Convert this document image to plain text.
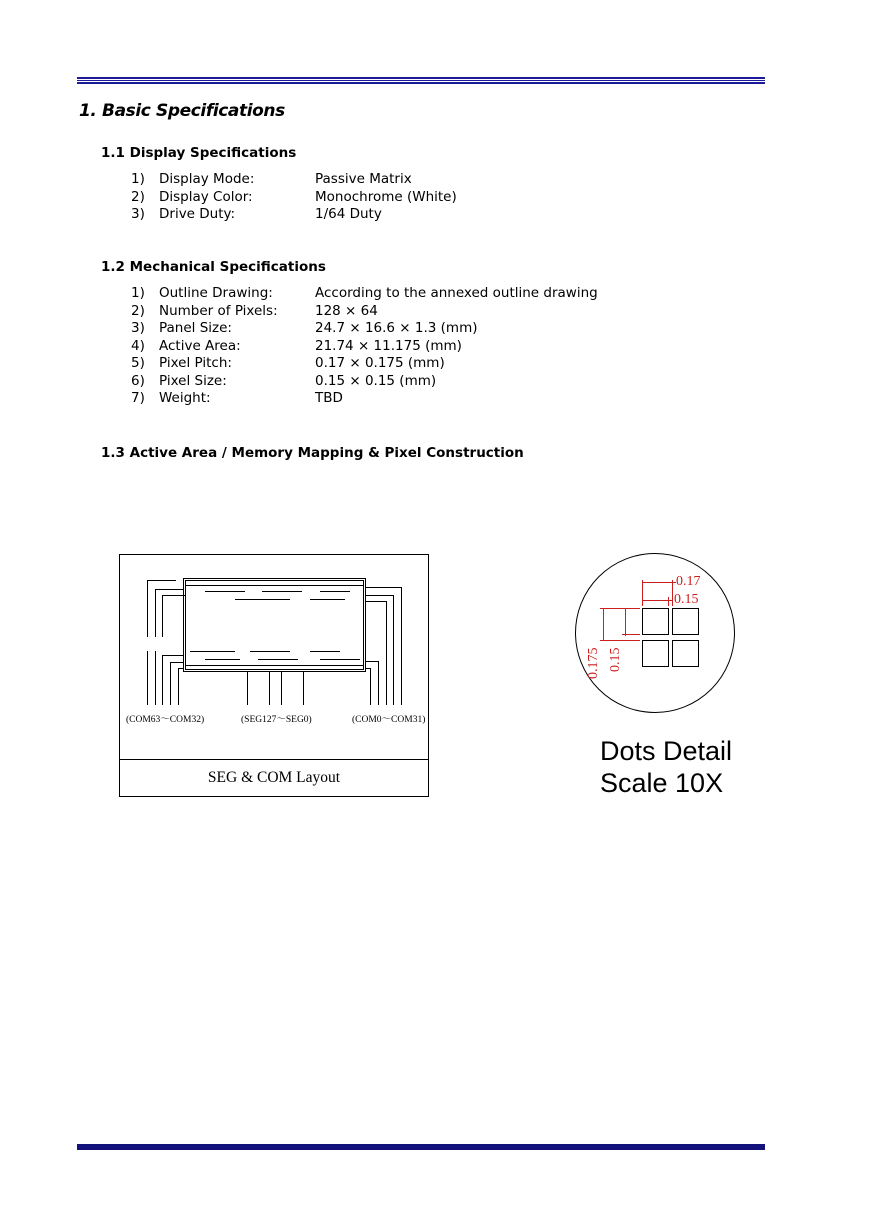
1. Basic Specifications
1.1 Display Specifications
1) Display Mode:	Passive Matrix
2) Display Color:	Monochrome (White)
3) Drive Duty:	1/64 Duty
1.2 Mechanical Specifications
1) Outline Drawing:	According to the annexed outline drawing
2) Number of Pixels:	128 × 64
3) Panel Size:	24.7 × 16.6 × 1.3 (mm)
4) Active Area:	21.74 × 11.175 (mm)
5) Pixel Pitch:	0.17 × 0.175 (mm)
6) Pixel Size:	0.15 × 0.15 (mm)
7) Weight:	TBD
1.3 Active Area / Memory Mapping & Pixel Construction
(COM63～COM32)	(SEG127～SEG0)	(COM0～COM31)
SEG & COM Layout
0.17
0.15
0.175 0.15
Dots Detail
Scale 10X
